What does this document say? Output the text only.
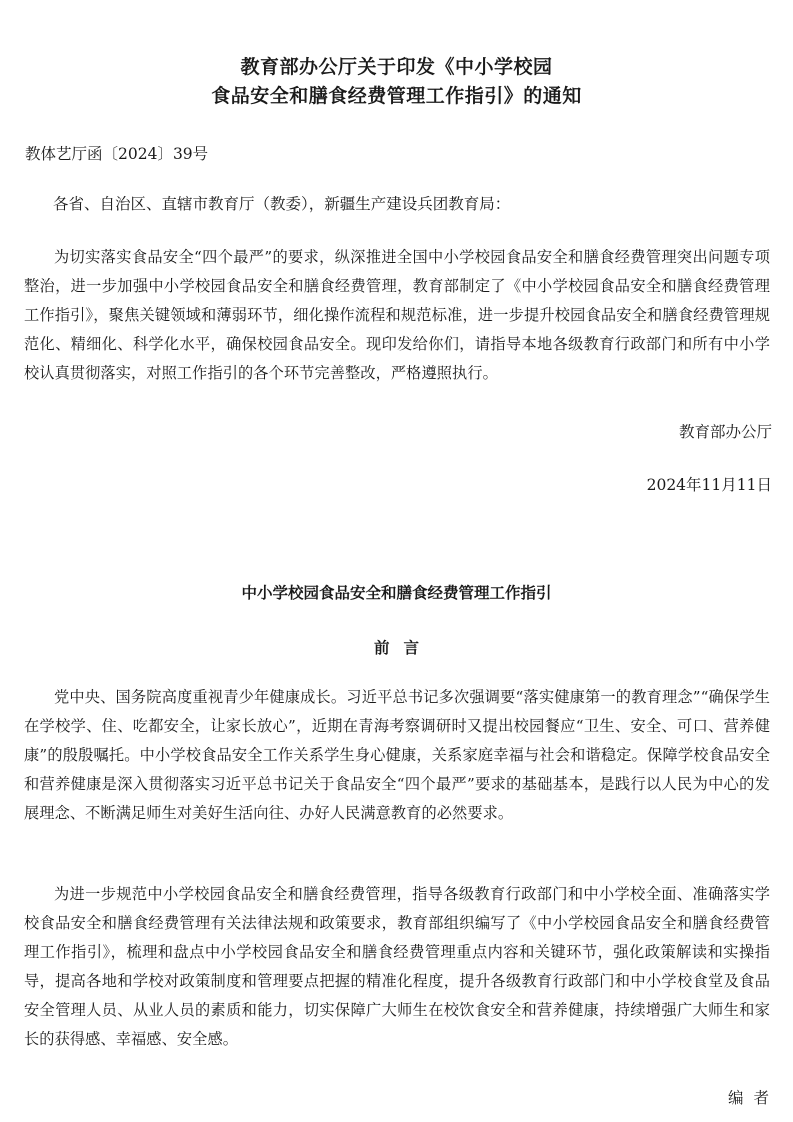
教育部办公厅关于印发《中小学校园
食品安全和膳食经费管理工作指引》的通知
教体艺厅函〔2024〕39号
各省、自治区、直辖市教育厅（教委），新疆生产建设兵团教育局：
为切实落实食品安全“四个最严”的要求，纵深推进全国中小学校园食品安全和膳食经费管理突出问题专项整治，进一步加强中小学校园食品安全和膳食经费管理，教育部制定了《中小学校园食品安全和膳食经费管理工作指引》，聚焦关键领域和薄弱环节，细化操作流程和规范标准，进一步提升校园食品安全和膳食经费管理规范化、精细化、科学化水平，确保校园食品安全。现印发给你们，请指导本地各级教育行政部门和所有中小学校认真贯彻落实，对照工作指引的各个环节完善整改，严格遵照执行。
教育部办公厅
2024年11月11日
中小学校园食品安全和膳食经费管理工作指引
前言
党中央、国务院高度重视青少年健康成长。习近平总书记多次强调要“落实健康第一的教育理念”“确保学生在学校学、住、吃都安全，让家长放心”，近期在青海考察调研时又提出校园餐应“卫生、安全、可口、营养健康”的殷殷嘱托。中小学校食品安全工作关系学生身心健康，关系家庭幸福与社会和谐稳定。保障学校食品安全和营养健康是深入贯彻落实习近平总书记关于食品安全“四个最严”要求的基础基本，是践行以人民为中心的发展理念、不断满足师生对美好生活向往、办好人民满意教育的必然要求。
为进一步规范中小学校园食品安全和膳食经费管理，指导各级教育行政部门和中小学校全面、准确落实学校食品安全和膳食经费管理有关法律法规和政策要求，教育部组织编写了《中小学校园食品安全和膳食经费管理工作指引》，梳理和盘点中小学校园食品安全和膳食经费管理重点内容和关键环节，强化政策解读和实操指导，提高各地和学校对政策制度和管理要点把握的精准化程度，提升各级教育行政部门和中小学校食堂及食品安全管理人员、从业人员的素质和能力，切实保障广大师生在校饮食安全和营养健康，持续增强广大师生和家长的获得感、幸福感、安全感。
编者
